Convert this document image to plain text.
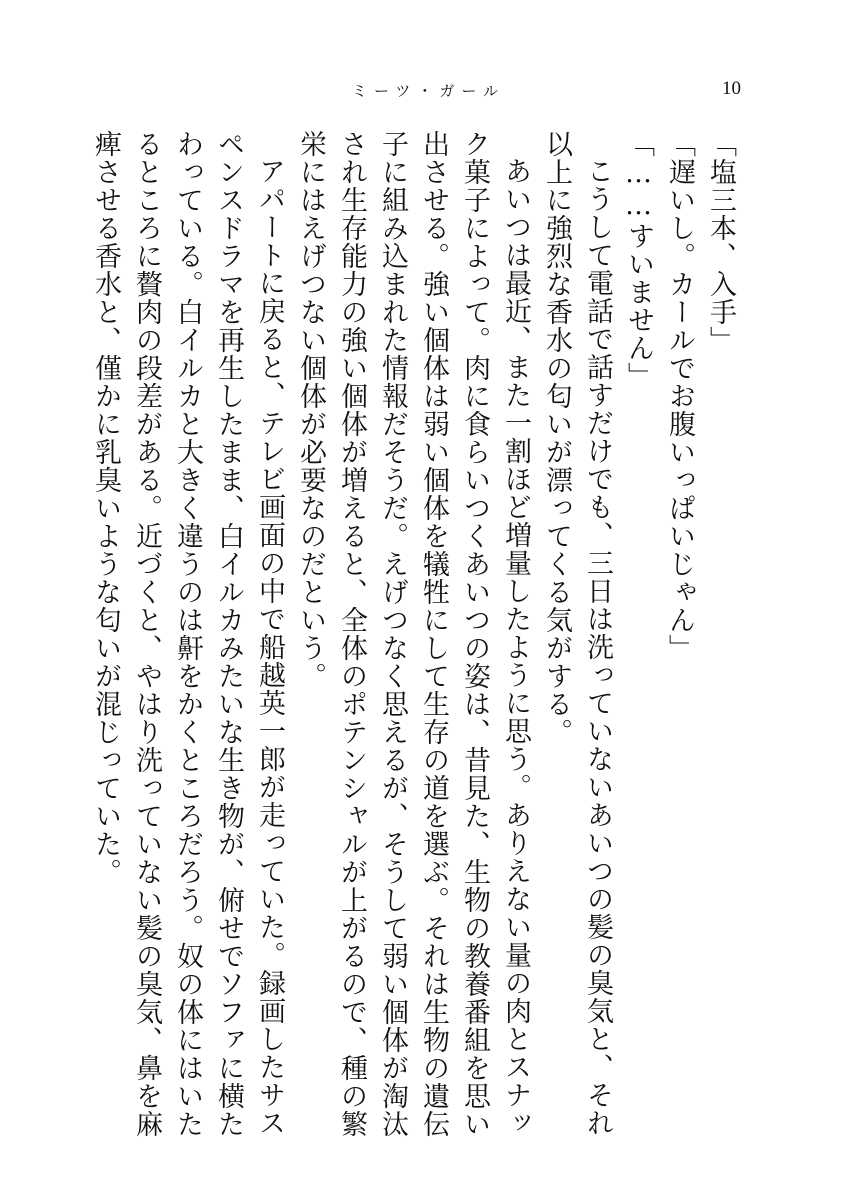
ミーツ・ガール	10

「塩三本、入手」

「遅いし。カールでお腹いっぱいじゃん」

「……すいません」

こうして電話で話すだけでも、三日は洗っていないあいつの髪の臭気と、それ以上に強烈な香水の匂いが漂ってくる気がする。

あいつは最近、また一割ほど増量したように思う。ありえない量の肉とスナック菓子によって。肉に食らいつくあいつの姿は、昔見た、生物の教養番組を思い出させる。強い個体は弱い個体を犠牲にして生存の道を選ぶ。それは生物の遺伝子に組み込まれた情報だそうだ。えげつなく思えるが、そうして弱い個体が淘汰され生存能力の強い個体が増えると、全体のポテンシャルが上がるので、種の繁栄にはえげつない個体が必要なのだという。

アパートに戻ると、テレビ画面の中で船越英一郎が走っていた。録画したサスペンスドラマを再生したまま、白イルカみたいな生き物が、俯せでソファに横たわっている。白イルカと大きく違うのは鼾をかくところだろう。奴の体にはいたるところに贅肉の段差がある。近づくと、やはり洗っていない髪の臭気、鼻を麻痺させる香水と、僅かに乳臭いような匂いが混じっていた。
